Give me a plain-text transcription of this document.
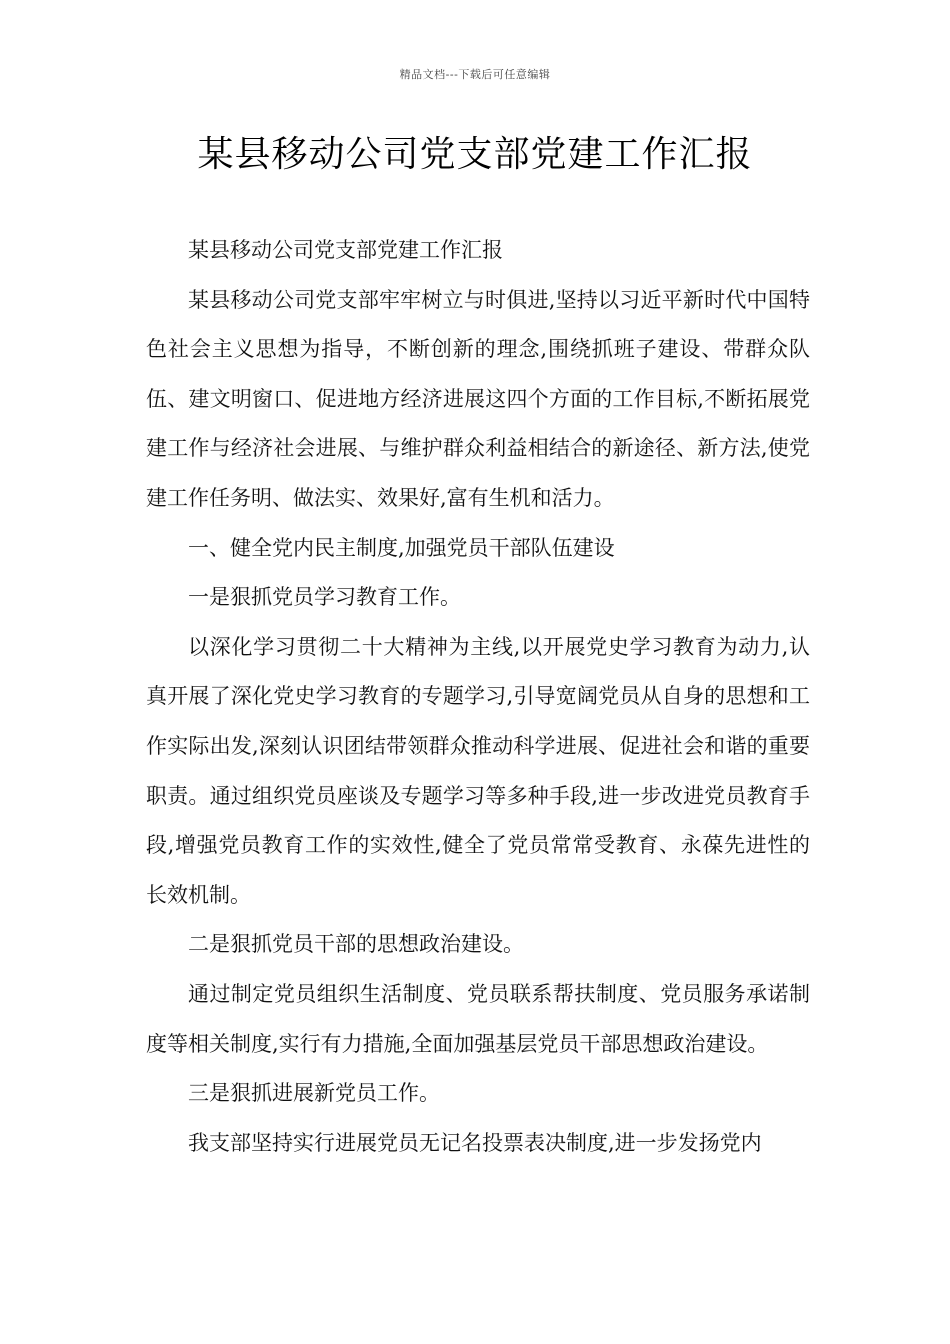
精品文档---下载后可任意编辑
某县移动公司党支部党建工作汇报

某县移动公司党支部党建工作汇报

某县移动公司党支部牢牢树立与时俱进,坚持以习近平新时代中国特色社会主义思想为指导，不断创新的理念,围绕抓班子建设、带群众队伍、建文明窗口、促进地方经济进展这四个方面的工作目标,不断拓展党建工作与经济社会进展、与维护群众利益相结合的新途径、新方法,使党建工作任务明、做法实、效果好,富有生机和活力。

一、健全党内民主制度,加强党员干部队伍建设

一是狠抓党员学习教育工作。

以深化学习贯彻二十大精神为主线,以开展党史学习教育为动力,认真开展了深化党史学习教育的专题学习,引导宽阔党员从自身的思想和工作实际出发,深刻认识团结带领群众推动科学进展、促进社会和谐的重要职责。通过组织党员座谈及专题学习等多种手段,进一步改进党员教育手段,增强党员教育工作的实效性,健全了党员常常受教育、永葆先进性的长效机制。

二是狠抓党员干部的思想政治建设。

通过制定党员组织生活制度、党员联系帮扶制度、党员服务承诺制度等相关制度,实行有力措施,全面加强基层党员干部思想政治建设。

三是狠抓进展新党员工作。

我支部坚持实行进展党员无记名投票表决制度,进一步发扬党内
